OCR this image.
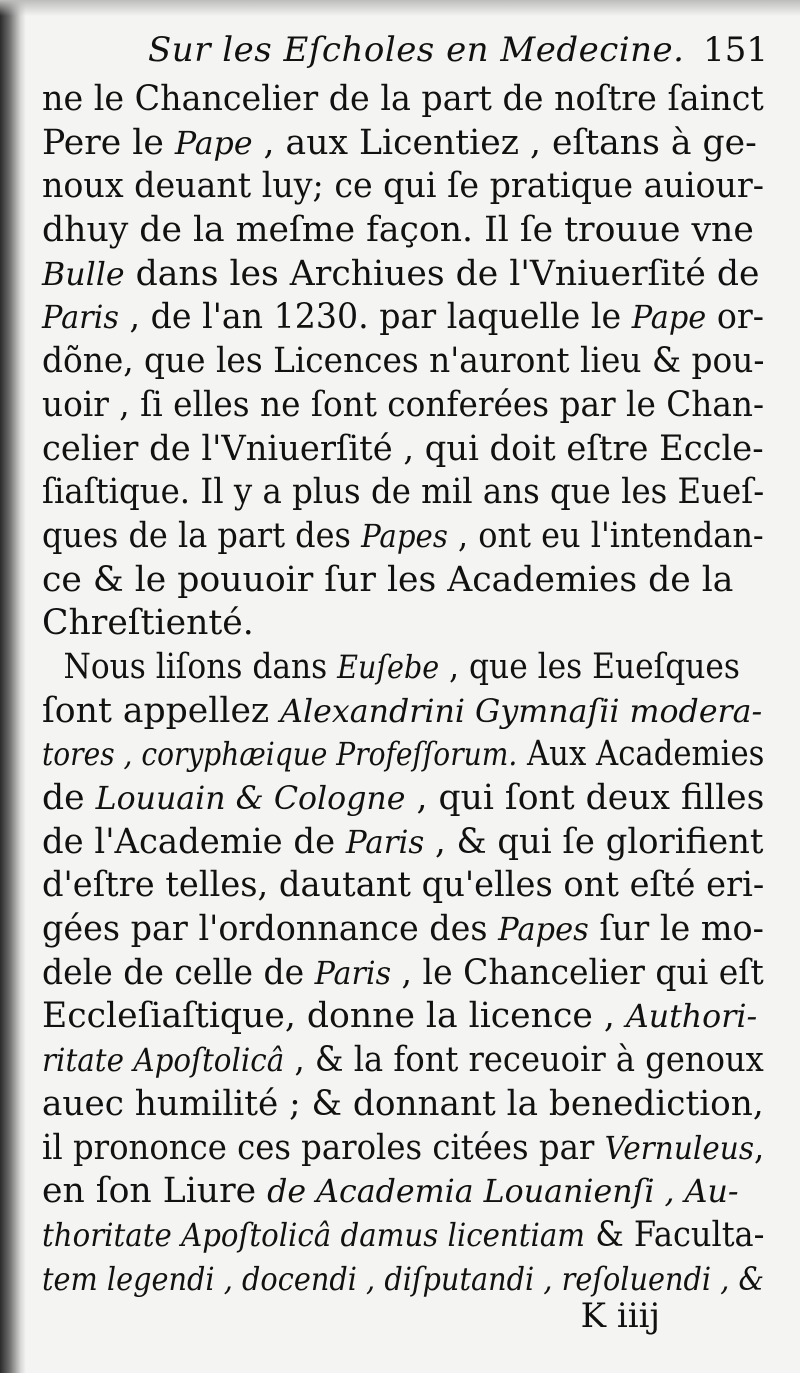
Sur les Eſcholes en Medecine. 151
ne le Chancelier de la part de noſtre ſainct
Pere le Pape , aux Licentiez , eſtans à ge-
noux deuant luy; ce qui ſe pratique auiour-
dhuy de la meſme façon. Il ſe trouue vne
Bulle dans les Archiues de l'Vniuerſité de
Paris , de l'an 1230. par laquelle le Pape or-
dõne, que les Licences n'auront lieu & pou-
uoir , ſi elles ne ſont conferées par le Chan-
celier de l'Vniuerſité , qui doit eſtre Eccle-
ſiaſtique. Il y a plus de mil ans que les Eueſ-
ques de la part des Papes , ont eu l'intendan-
ce & le pouuoir ſur les Academies de la
Chreſtienté.
Nous liſons dans Euſebe , que les Eueſques
ſont appellez Alexandrini Gymnaſii modera-
tores , coryphæique Profeſſorum. Aux Academies
de Louuain & Cologne , qui ſont deux filles
de l'Academie de Paris , & qui ſe glorifient
d'eſtre telles, dautant qu'elles ont eſté eri-
gées par l'ordonnance des Papes ſur le mo-
dele de celle de Paris , le Chancelier qui eſt
Eccleſiaſtique, donne la licence , Authori-
ritate Apoſtolicâ , & la font receuoir à genoux
auec humilité ; & donnant la benediction,
il prononce ces paroles citées par Vernuleus,
en ſon Liure de Academia Louanienſi , Au-
thoritate Apoſtolicâ damus licentiam & Faculta-
tem legendi , docendi , diſputandi , reſoluendi , &
K iiij
